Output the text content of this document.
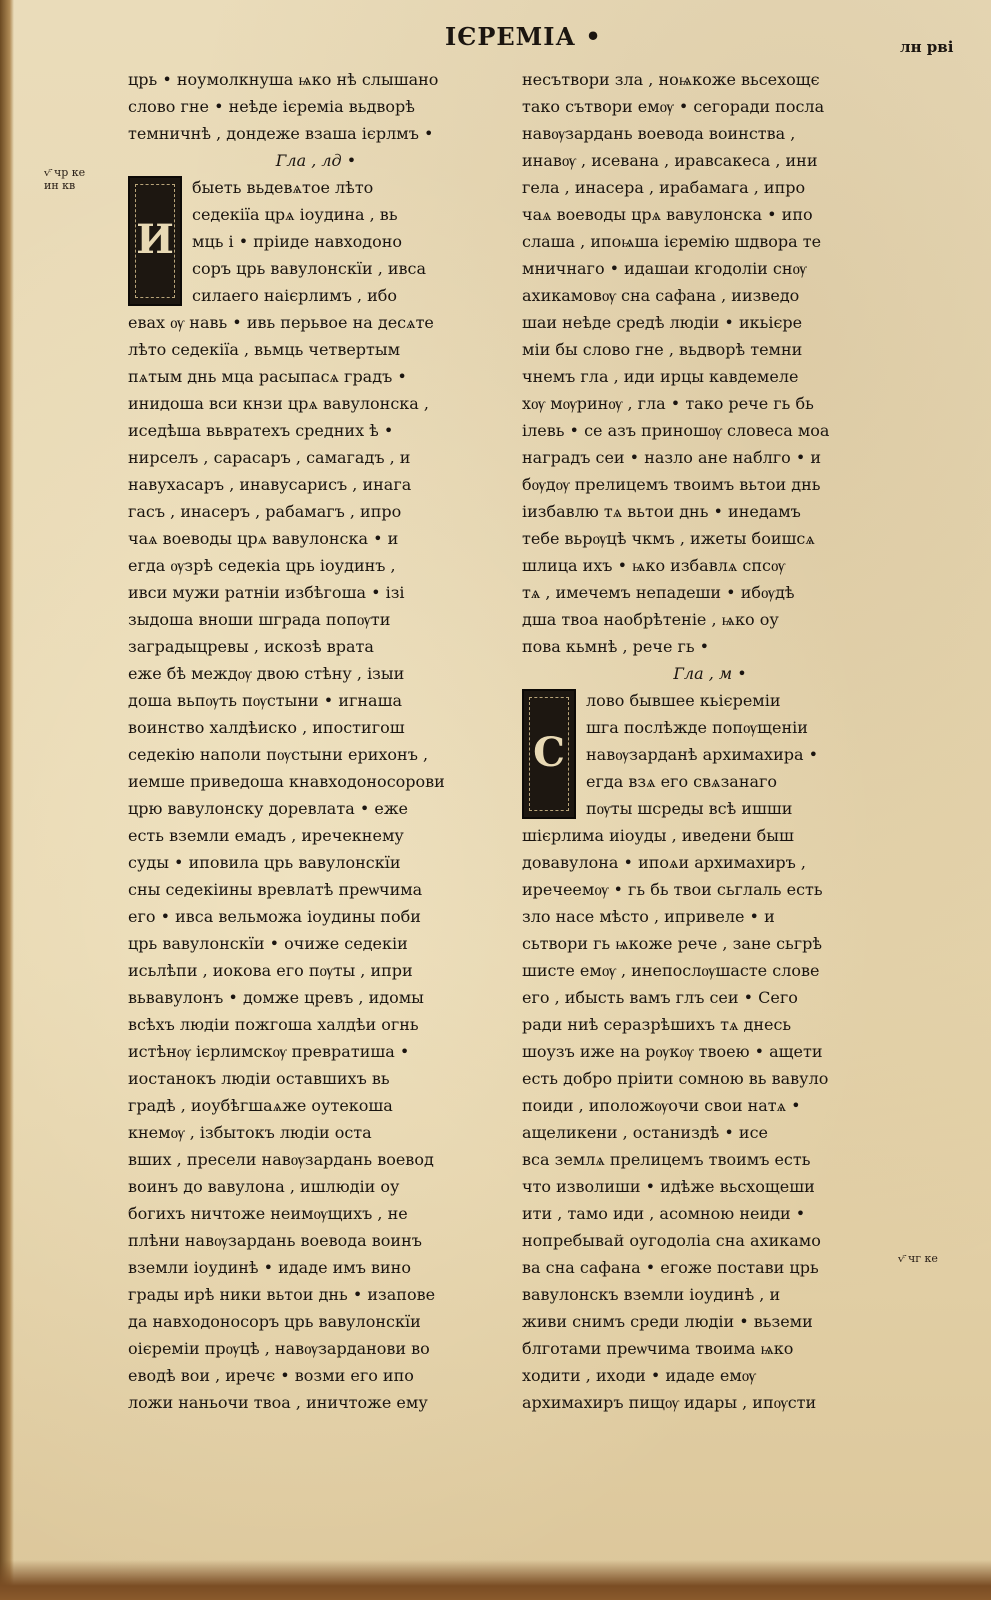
ІЄРЕМІА •	лн рві
ѵ҃ чр ке
ин кв
ѵ҃ чг ке
црь • ноумолкнуша ѩко нѣ слышано
слово гне • неѣде ієреміа вьдворѣ
темничнѣ , дондеже взаша ієрлмъ •
Гла , лд •
быеть вьдевѧтое лѣто
седекіїа црѧ іоудина , вь
мць і • пріиде навходоно
соръ црь вавулонскїи , ивса
силаего наієрлимъ , ибо
евах ѹ навь • ивь перьвое на десѧте
лѣто седекіїа , вьмць четвертым
пѧтым днь мца расыпасѧ градъ •
инидоша вси кнзи црѧ вавулонска ,
иседѣша вьвратехъ средних ѣ •
нирселъ , сарасаръ , самагадъ , и
навухасаръ , инавусарисъ , инага
гасъ , инасеръ , рабамагъ , ипро
чаѧ воеводы црѧ вавулонска • и
егда ѹзрѣ седекіа црь іоудинъ ,
ивси мужи ратніи избѣгоша • ізі
зыдоша вноши шграда попѹти
заградыцревы , искозѣ врата
еже бѣ междѹ двою стѣну , ізыи
доша вьпѹть пѹстыни • игнаша
воинство халдѣиско , ипостигош
седекію наполи пѹстыни ерихонъ ,
иемше приведоша кнавходоносорови
црю вавулонску доревлата • еже
есть вземли емадъ , иречекнему
суды • иповила црь вавулонскїи
сны седекіины вревлатѣ преѡчима
его • ивса вельможа іоудины поби
црь вавулонскїи • очиже седекіи
исьлѣпи , иокова его пѹты , ипри
вьвавулонъ • домже цревъ , идомы
всѣхъ людіи пожгоша халдѣи огнь
истѣнѹ ієрлимскѹ превратиша •
иостанокъ людіи оставшихъ вь
градѣ , иоубѣгшаѧже оутекоша
кнемѹ , ізбытокъ людіи оста
вших , пресели навѹзардань воевод
воинъ до вавулона , ишлюдіи оу
богихъ ничтоже неимѹщихъ , не
плѣни навѹзардань воевода воинъ
вземли іоудинѣ • идаде имъ вино
грады ирѣ ники вьтои днь • изапове
да навходоносоръ црь вавулонскїи
оієреміи прѹцѣ , навѹзарданови во
еводѣ вои , иречє • возми его ипо
ложи наньочи твоа , иничтоже ему
И
несътвори зла , ноѩкоже вьсехощє
тако сътвори емѹ • сегоради посла
навѹзардань воевода воинства ,
инавѹ , исевана , иравсакеса , ини
гела , инасера , ирабамага , ипро
чаѧ воеводы црѧ вавулонска • ипо
слаша , ипоѩша ієремію шдвора те
мничнаго • идашаи кгодоліи снѹ
ахикамовѹ сна сафана , иизведо
шаи неѣде средѣ людіи • икьієре
міи бы слово гне , вьдворѣ темни
чнемъ гла , иди ирцы кавдемеле
хѹ мѹринѹ , гла • тако рече гь бь
ілевь • се азъ приношѹ словеса моа
наградъ сеи • назло ане наблго • и
бѹдѹ прелицемъ твоимъ вьтои днь
іизбавлю тѧ вьтои днь • инедамъ
тебе вьрѹцѣ чкмъ , ижеты боишсѧ
шлица ихъ • ѩко избавлѧ спсѹ
тѧ , имечемъ непадеши • ибѹдѣ
дша твоа наобрѣтеніе , ѩко оу
пова кьмнѣ , рече гь •
Гла , м •
лово бывшее кьієреміи
шга послѣжде попѹщеніи
навѹзарданѣ архимахира •
егда взѧ его свѧзанаго
пѹты шсреды всѣ ишши
шієрлима иіоуды , иведени быш
довавулона • ипоѧи архимахиръ ,
иречеемѹ • гь бь твои сьглаль есть
зло насе мѣсто , ипривеле • и
сьтвори гь ѩкоже рече , зане сьгрѣ
шисте емѹ , инепослѹшасте слове
его , ибысть вамъ глъ сеи • Сего
ради ниѣ серазрѣшихъ тѧ днесь
шоузъ иже на рѹкѹ твоею • ащети
есть добро пріити сомною вь вавуло
поиди , иположѹочи свои натѧ •
ащеликени , останиздѣ • исе
вса землѧ прелицемъ твоимъ есть
что изволиши • идѣже вьсхощеши
ити , тамо иди , асомною неиди •
нопребывай оугодоліа сна ахикамо
ва сна сафана • егоже постави црь
вавулонскъ вземли іоудинѣ , и
живи снимъ среди людіи • вьземи
блготами преѡчима твоима ѩко
ходити , иходи • идаде емѹ
архимахиръ пищѹ идары , ипѹсти
С
